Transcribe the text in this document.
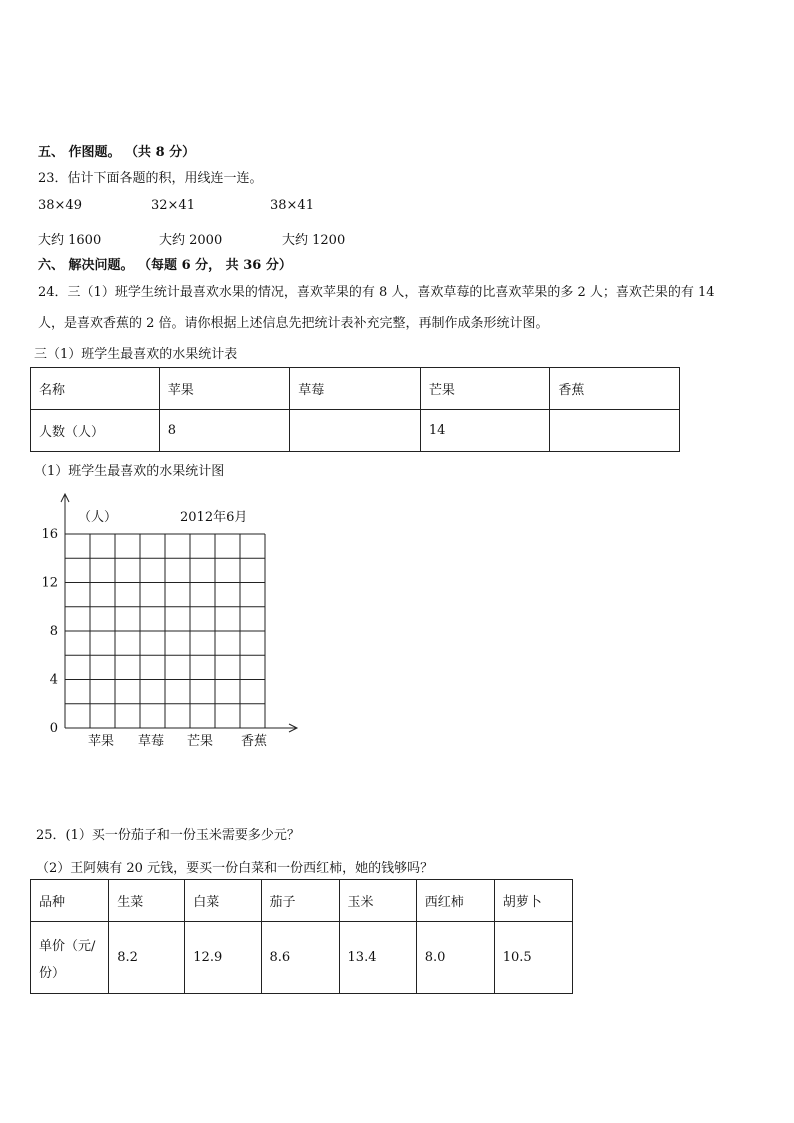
五、 作图题。 （共 8 分）
23．估计下面各题的积，用线连一连。
38×49	32×41	38×41
大约 1600	大约 2000	大约 1200
六、 解决问题。 （每题 6 分， 共 36 分）
24．三（1）班学生统计最喜欢水果的情况，喜欢苹果的有 8 人，喜欢草莓的比喜欢苹果的多 2 人；喜欢芒果的有 14
人，是喜欢香蕉的 2 倍。请你根据上述信息先把统计表补充完整，再制作成条形统计图。
三（1）班学生最喜欢的水果统计表
名称	苹果	草莓	芒果	香蕉
人数（人）	8		14	
（1）班学生最喜欢的水果统计图
0
4
8
12
16
（人）	2012年6月
苹果 草莓 芒果 香蕉
25．(1）买一份茄子和一份玉米需要多少元？
（2）王阿姨有 20 元钱，要买一份白菜和一份西红柿，她的钱够吗？
品种	生菜	白菜	茄子	玉米	西红柿	胡萝卜

单价（元/
份）	8.2	12.9	8.6	13.4	8.0	10.5
